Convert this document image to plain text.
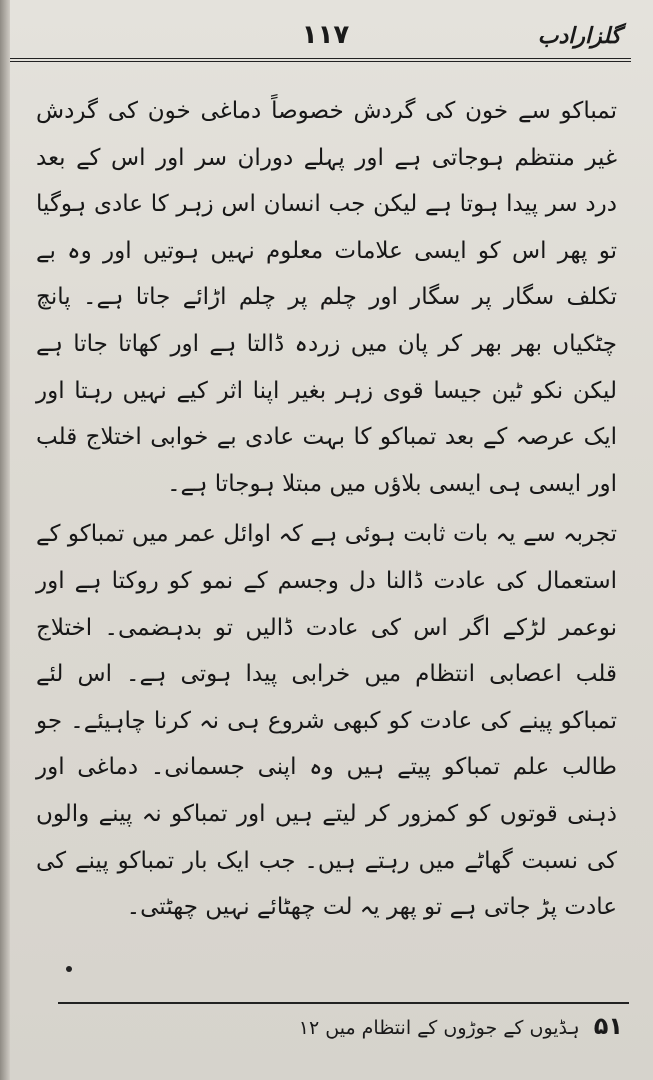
گلزارادب
۱۱۷

تمباکو سے خون کی گردش خصوصاً دماغی خون کی گردش غیر منتظم ہوجاتی ہے اور پہلے دوران سر اور اس کے بعد درد سر پیدا ہوتا ہے لیکن جب انسان اس زہر کا عادی ہوگیا تو پھر اس کو ایسی علامات معلوم نہیں ہوتیں اور وہ بے تکلف سگار پر سگار اور چلم پر چلم اڑائے جاتا ہے۔ پانچ چٹکیاں بھر بھر کر پان میں زردہ ڈالتا ہے اور کھاتا جاتا ہے لیکن نکو ٹین جیسا قوی زہر بغیر اپنا اثر کیے نہیں رہتا اور ایک عرصہ کے بعد تمباکو کا بہت عادی بے خوابی اختلاج قلب اور ایسی ہی ایسی بلاؤں میں مبتلا ہوجاتا ہے۔

تجربہ سے یہ بات ثابت ہوئی ہے کہ اوائل عمر میں تمباکو کے استعمال کی عادت ڈالنا دل وجسم کے نمو کو روکتا ہے اور نوعمر لڑکے اگر اس کی عادت ڈالیں تو بدہضمی۔ اختلاج قلب اعصابی انتظام میں خرابی پیدا ہوتی ہے۔ اس لئے تمباکو پینے کی عادت کو کبھی شروع ہی نہ کرنا چاہیئے۔ جو طالب علم تمباکو پیتے ہیں وہ اپنی جسمانی۔ دماغی اور ذہنی قوتوں کو کمزور کر لیتے ہیں اور تمباکو نہ پینے والوں کی نسبت گھاٹے میں رہتے ہیں۔ جب ایک بار تمباکو پینے کی عادت پڑ جاتی ہے تو پھر یہ لت چھٹائے نہیں چھٹتی۔

۵۱ ہڈیوں کے جوڑوں کے انتظام میں ۱۲
